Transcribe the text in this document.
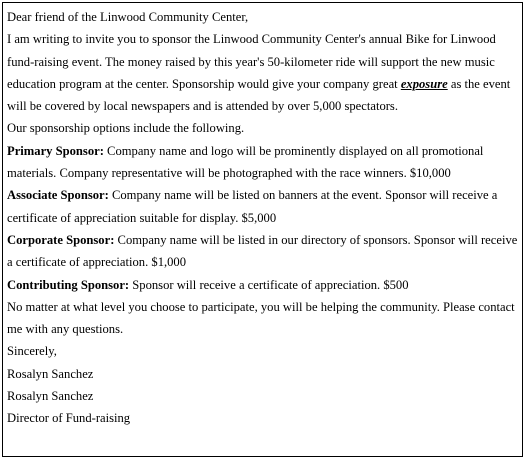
Dear friend of the Linwood Community Center,

I am writing to invite you to sponsor the Linwood Community Center's annual Bike for Linwood fund-raising event. The money raised by this year's 50-kilometer ride will support the new music education program at the center. Sponsorship would give your company great exposure as the event will be covered by local newspapers and is attended by over 5,000 spectators.

Our sponsorship options include the following.

Primary Sponsor: Company name and logo will be prominently displayed on all promotional materials. Company representative will be photographed with the race winners. $10,000

Associate Sponsor: Company name will be listed on banners at the event. Sponsor will receive a certificate of appreciation suitable for display. $5,000

Corporate Sponsor: Company name will be listed in our directory of sponsors. Sponsor will receive a certificate of appreciation. $1,000

Contributing Sponsor: Sponsor will receive a certificate of appreciation. $500

No matter at what level you choose to participate, you will be helping the community. Please contact me with any questions.

Sincerely,

Rosalyn Sanchez

Rosalyn Sanchez

Director of Fund-raising
